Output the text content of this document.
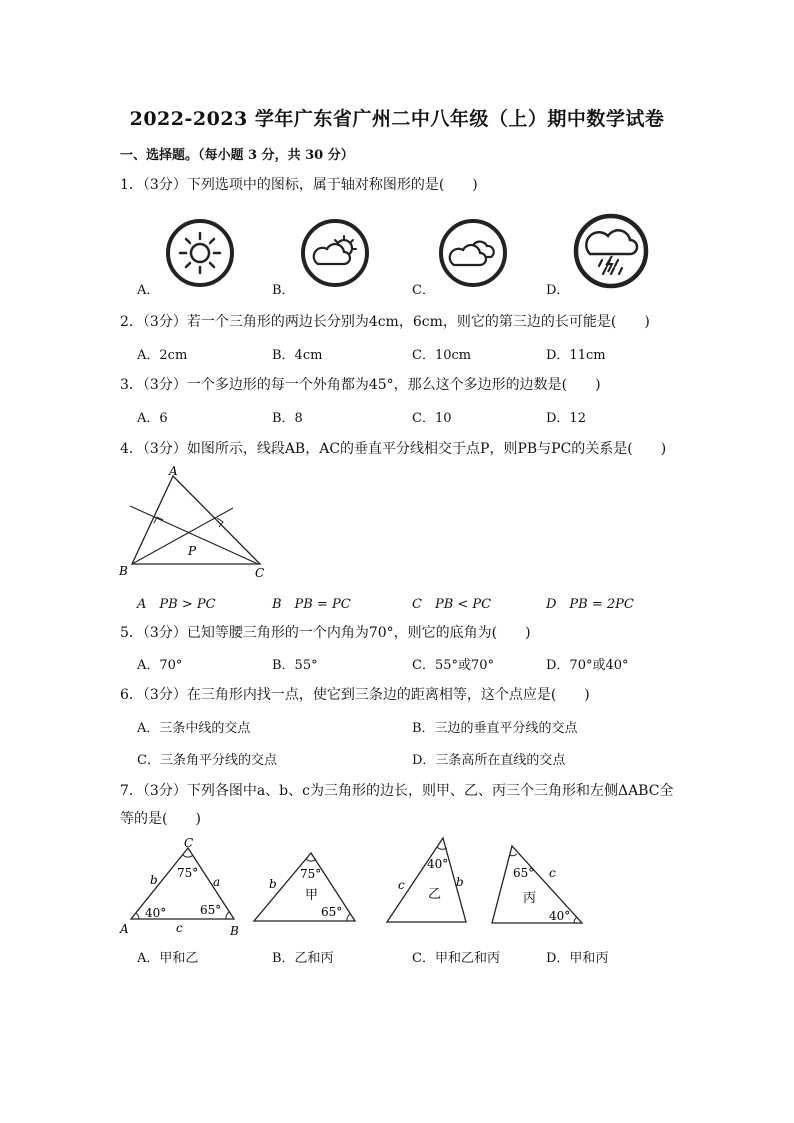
2022-2023 学年广东省广州二中八年级（上）期中数学试卷
一、选择题。（每小题 3 分，共 30 分）
1．（3分）下列选项中的图标，属于轴对称图形的是(　　)
A．	B．	C．	D．
2．（3分）若一个三角形的两边长分别为4cm，6cm，则它的第三边的长可能是(　　)
A．2cm	B．4cm	C．10cm	D．11cm
3．（3分）一个多边形的每一个外角都为45°，那么这个多边形的边数是(　　)
A．6	B．8	C．10	D．12
4．（3分）如图所示，线段AB，AC的垂直平分线相交于点P，则PB与PC的关系是(　　)
A
B	C
P
A　PB > PC	B　PB = PC	C　PB < PC	D　PB = 2PC
5．（3分）已知等腰三角形的一个内角为70°，则它的底角为(　　)
A．70°	B．55°	C．55°或70°	D．70°或40°
6．（3分）在三角形内找一点，使它到三条边的距离相等，这个点应是(　　)
A．三条中线的交点	B．三边的垂直平分线的交点
C．三条角平分线的交点	D．三条高所在直线的交点
7．（3分）下列各图中a、b、c为三角形的边长，则甲、乙、丙三个三角形和左侧ΔABC全
等的是(　　)
C
A	B
b	a
c
75°
40°	65°
b
75°
甲
65°
40°
c	b
乙
65° c
丙
40°
A．甲和乙	B．乙和丙	C．甲和乙和丙	D．甲和丙
